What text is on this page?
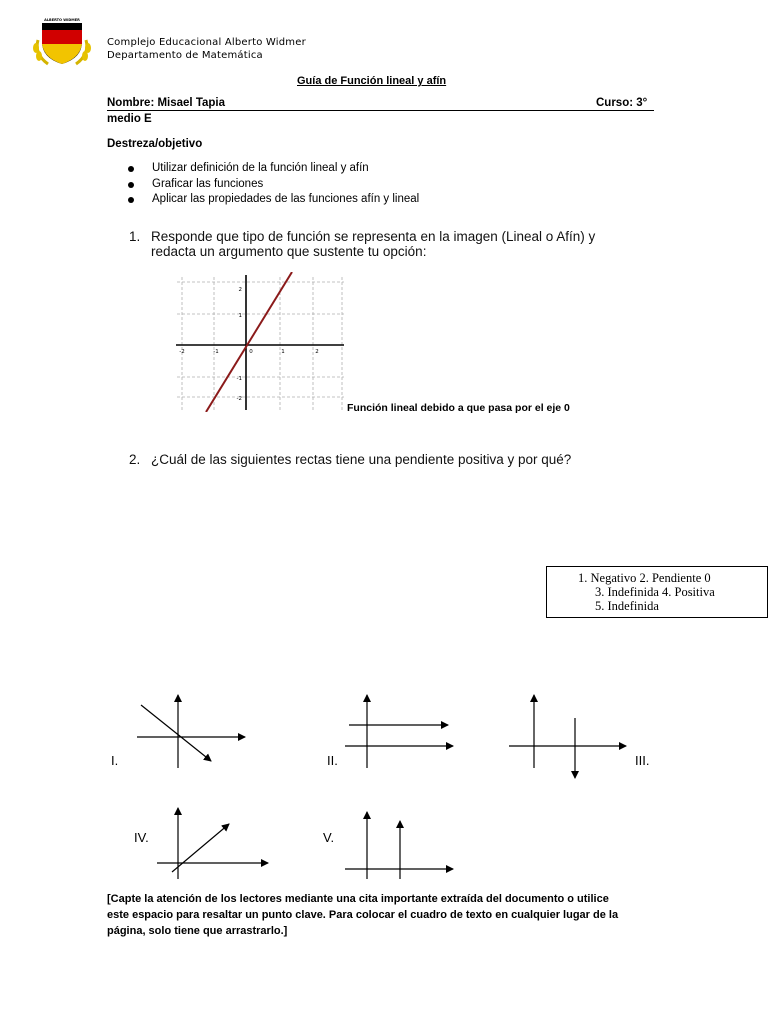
ALBERTO WIDMER
Complejo Educacional Alberto Widmer
Departamento de Matemática
Guía de Función lineal y afín
Nombre: Misael Tapia	Curso: 3°
medio E
Destreza/objetivo
Utilizar definición de la función lineal y afín
Graficar las funciones
Aplicar las propiedades de las funciones afín y lineal
1. Responde que tipo de función se representa en la imagen (Lineal o Afín) y
redacta un argumento que sustente tu opción:
-2	-1	0	1	2
2
1
-1
-2
Función lineal debido a que pasa por el eje 0
2. ¿Cuál de las siguientes rectas tiene una pendiente positiva y por qué?
1. Negativo 2. Pendiente 0
3. Indefinida 4. Positiva
5. Indefinida
I.	II.	III.
IV.	V.
[Capte la atención de los lectores mediante una cita importante extraída del documento o utilice
este espacio para resaltar un punto clave. Para colocar el cuadro de texto en cualquier lugar de la
página, solo tiene que arrastrarlo.]
